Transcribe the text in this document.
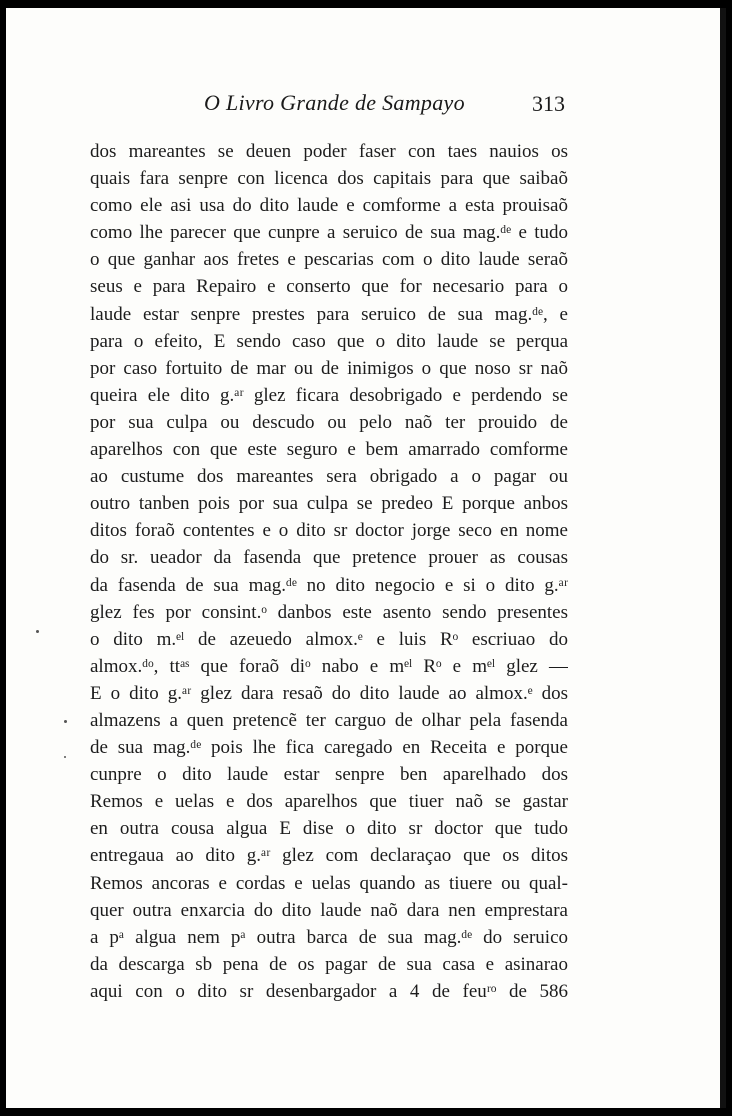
O Livro Grande de Sampayo	313
dos mareantes se deuen poder faser con taes nauios os
quais fara senpre con licenca dos capitais para que saibaõ
como ele asi usa do dito laude e comforme a esta prouisaõ
como lhe parecer que cunpre a seruico de sua mag.ᵈᵉ e tudo
o que ganhar aos fretes e pescarias com o dito laude seraõ
seus e para Repairo e conserto que for necesario para o
laude estar senpre prestes para seruico de sua mag.ᵈᵉ, e
para o efeito, E sendo caso que o dito laude se perqua
por caso fortuito de mar ou de inimigos o que noso sr naõ
queira ele dito g.ᵃʳ glez ficara desobrigado e perdendo se
por sua culpa ou descudo ou pelo naõ ter prouido de
aparelhos con que este seguro e bem amarrado comforme
ao custume dos mareantes sera obrigado a o pagar ou
outro tanben pois por sua culpa se predeo E porque anbos
ditos foraõ contentes e o dito sr doctor jorge seco en nome
do sr. ueador da fasenda que pretence prouer as cousas
da fasenda de sua mag.ᵈᵉ no dito negocio e si o dito g.ᵃʳ
glez fes por consint.ᵒ danbos este asento sendo presentes
o dito m.ᵉˡ de azeuedo almox.ᵉ e luis Rᵒ escriuao do
almox.ᵈᵒ, ttᵃˢ que foraõ diᵒ nabo e mᵉˡ Rᵒ e mᵉˡ glez —
E o dito g.ᵃʳ glez dara resaõ do dito laude ao almox.ᵉ dos
almazens a quen pretencẽ ter carguo de olhar pela fasenda
de sua mag.ᵈᵉ pois lhe fica caregado en Receita e porque
cunpre o dito laude estar senpre ben aparelhado dos
Remos e uelas e dos aparelhos que tiuer naõ se gastar
en outra cousa algua E dise o dito sr doctor que tudo
entregaua ao dito g.ᵃʳ glez com declaraçao que os ditos
Remos ancoras e cordas e uelas quando as tiuere ou qual-
quer outra enxarcia do dito laude naõ dara nen emprestara
a pᵃ algua nem pᵃ outra barca de sua mag.ᵈᵉ do seruico
da descarga sb pena de os pagar de sua casa e asinarao
aqui con o dito sr desenbargador a 4 de feuʳᵒ de 586
